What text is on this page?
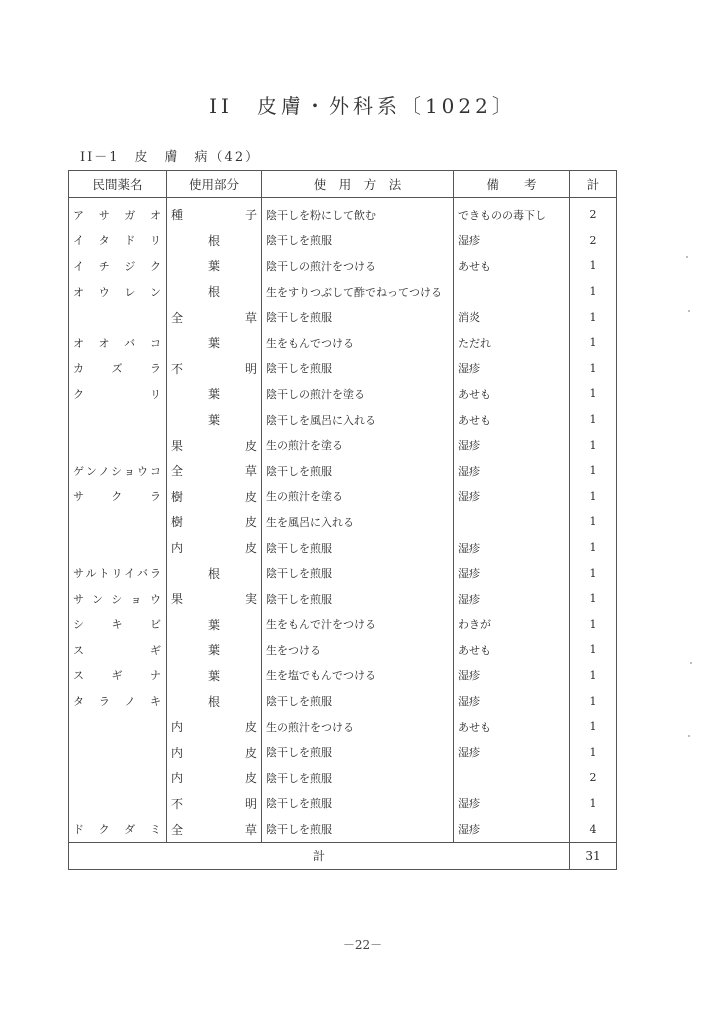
II　皮膚・外科系〔1022〕
II－1　皮　膚　病（42）
民間薬名	使用部分	使　用　方　法	備　　考	計
アサガオ	種子	陰干しを粉にして飲む	できものの毒下し	2
イタドリ	根	陰干しを煎服	湿疹	2
イチジク	葉	陰干しの煎汁をつける	あせも	1
オウレン	根	生をすりつぶして酢でねってつける		1
	全草	陰干しを煎服	消炎	1
オオバコ	葉	生をもんでつける	ただれ	1
カズラ	不明	陰干しを煎服	湿疹	1
クリ	葉	陰干しの煎汁を塗る	あせも	1
	葉	陰干しを風呂に入れる	あせも	1
	果皮	生の煎汁を塗る	湿疹	1
ゲンノショウコ	全草	陰干しを煎服	湿疹	1
サクラ	樹皮	生の煎汁を塗る	湿疹	1
	樹皮	生を風呂に入れる		1
	内皮	陰干しを煎服	湿疹	1
サルトリイバラ	根	陰干しを煎服	湿疹	1
サンショウ	果実	陰干しを煎服	湿疹	1
シキビ	葉	生をもんで汁をつける	わきが	1
スギ	葉	生をつける	あせも	1
スギナ	葉	生を塩でもんでつける	湿疹	1
タラノキ	根	陰干しを煎服	湿疹	1
	内皮	生の煎汁をつける	あせも	1
	内皮	陰干しを煎服	湿疹	1
	内皮	陰干しを煎服		2
	不明	陰干しを煎服	湿疹	1
ドクダミ	全草	陰干しを煎服	湿疹	4
計				31
－22－
